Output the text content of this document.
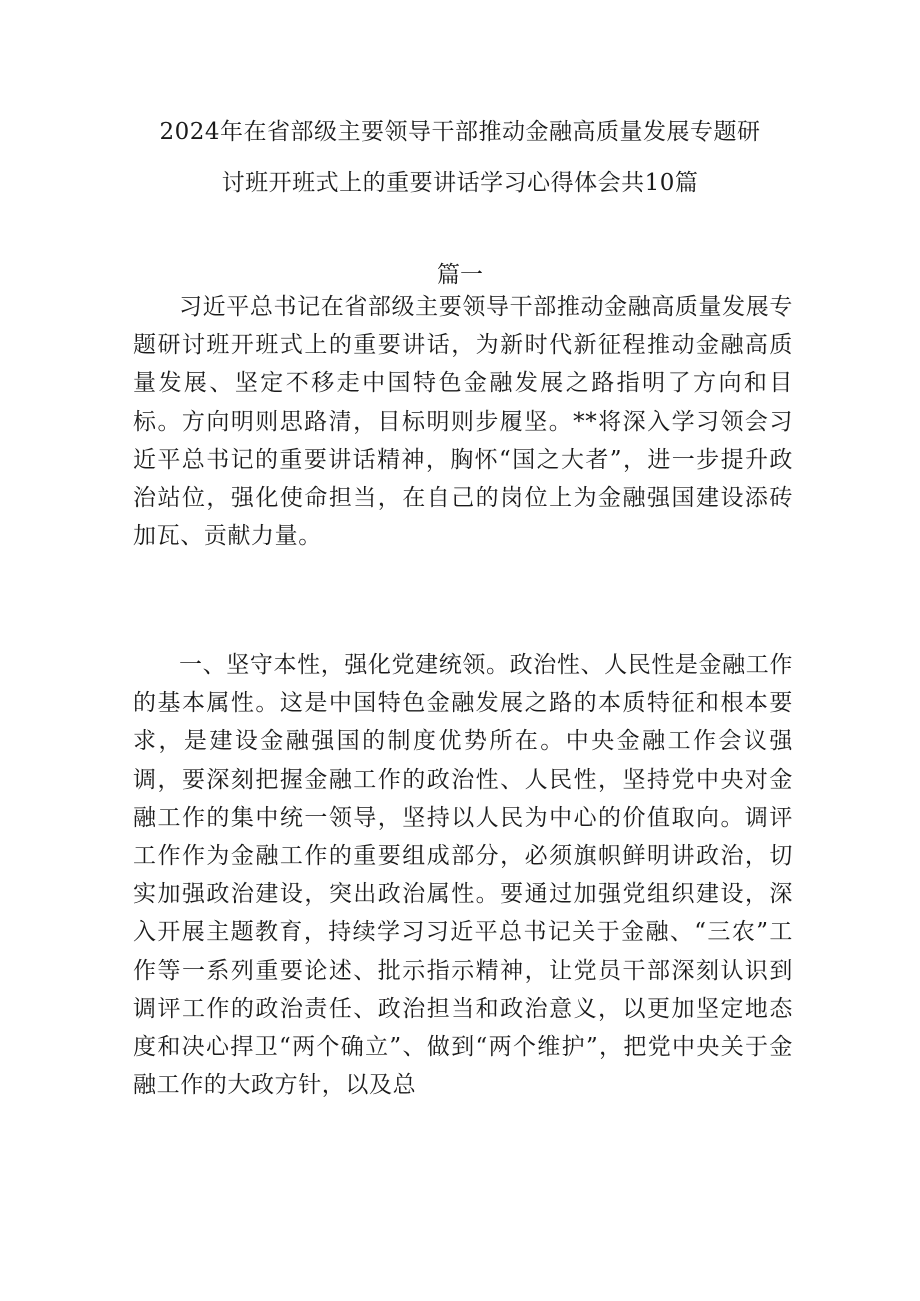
2024年在省部级主要领导干部推动金融高质量发展专题研
讨班开班式上的重要讲话学习心得体会共10篇
篇一
习近平总书记在省部级主要领导干部推动金融高质量发展专题研讨班开班式上的重要讲话，为新时代新征程推动金融高质量发展、坚定不移走中国特色金融发展之路指明了方向和目标。方向明则思路清，目标明则步履坚。**将深入学习领会习近平总书记的重要讲话精神，胸怀“国之大者”，进一步提升政治站位，强化使命担当，在自己的岗位上为金融强国建设添砖加瓦、贡献力量。
一、坚守本性，强化党建统领。政治性、人民性是金融工作的基本属性。这是中国特色金融发展之路的本质特征和根本要求，是建设金融强国的制度优势所在。中央金融工作会议强调，要深刻把握金融工作的政治性、人民性，坚持党中央对金融工作的集中统一领导，坚持以人民为中心的价值取向。调评工作作为金融工作的重要组成部分，必须旗帜鲜明讲政治，切实加强政治建设，突出政治属性。要通过加强党组织建设，深入开展主题教育，持续学习习近平总书记关于金融、“三农”工作等一系列重要论述、批示指示精神，让党员干部深刻认识到调评工作的政治责任、政治担当和政治意义，以更加坚定地态度和决心捍卫“两个确立”、做到“两个维护”，把党中央关于金融工作的大政方针，以及总
